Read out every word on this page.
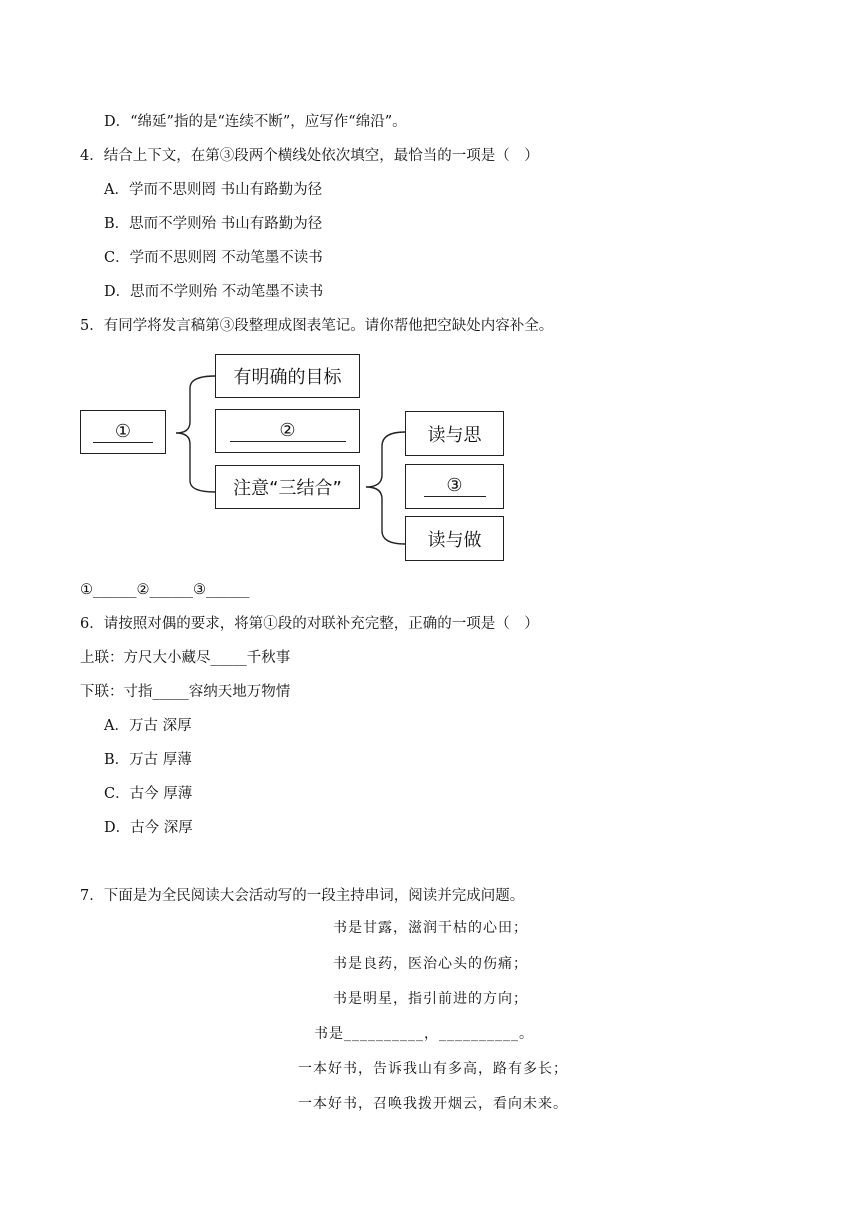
D．“绵延”指的是“连续不断”，应写作“绵沿”。
4．结合上下文，在第③段两个横线处依次填空，最恰当的一项是（　）
A．学而不思则罔 书山有路勤为径
B．思而不学则殆 书山有路勤为径
C．学而不思则罔 不动笔墨不读书
D．思而不学则殆 不动笔墨不读书
5．有同学将发言稿第③段整理成图表笔记。请你帮他把空缺处内容补全。
①
有明确的目标
②
注意“三结合”
读与思
③
读与做
①______②______③______
6．请按照对偶的要求，将第①段的对联补充完整，正确的一项是（　）
上联：方尺大小藏尽_____千秋事
下联：寸指_____容纳天地万物情
A．万古 深厚
B．万古 厚薄
C．古今 厚薄
D．古今 深厚
7．下面是为全民阅读大会活动写的一段主持串词，阅读并完成问题。
书是甘露，滋润干枯的心田；
书是良药，医治心头的伤痛；
书是明星，指引前进的方向；
书是__________，__________。
一本好书，告诉我山有多高，路有多长；
一本好书，召唤我拨开烟云，看向未来。
